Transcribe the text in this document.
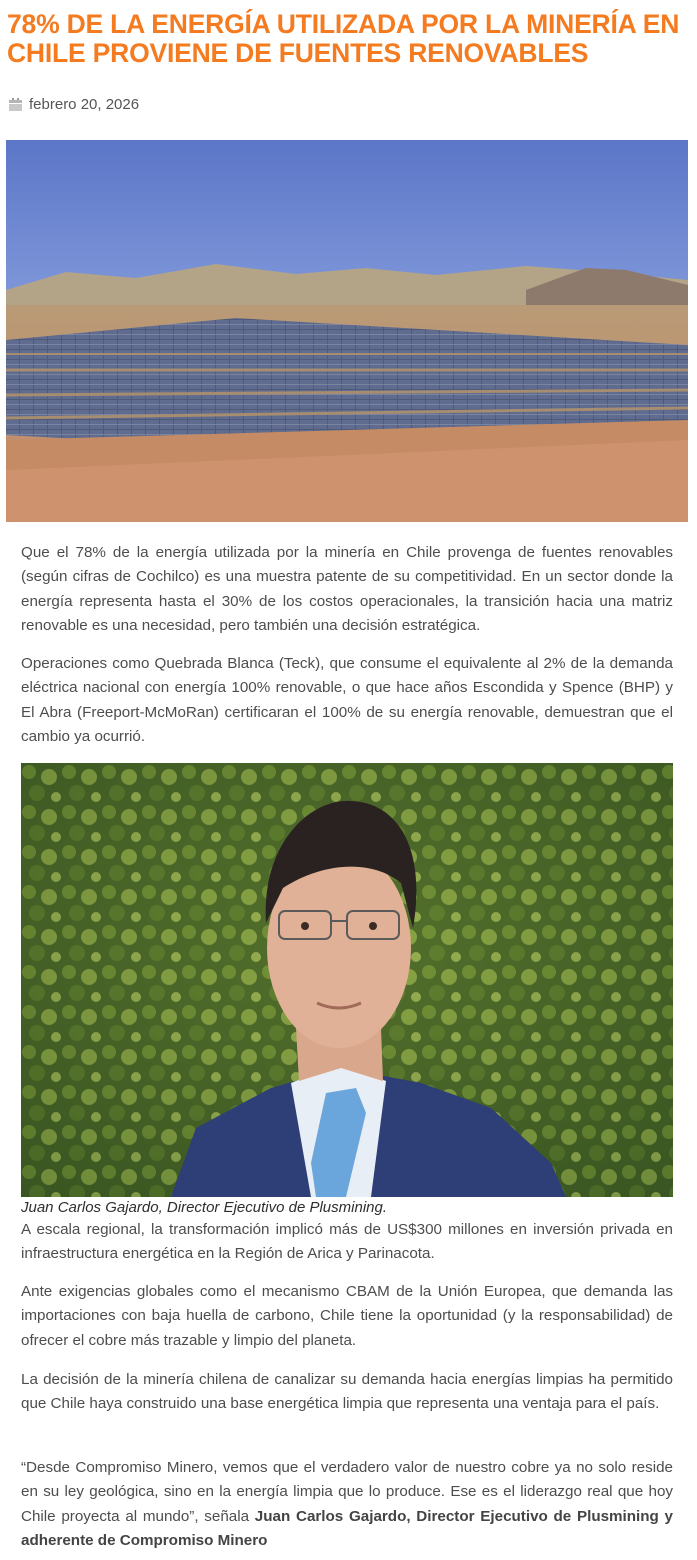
78% DE LA ENERGÍA UTILIZADA POR LA MINERÍA EN CHILE PROVIENE DE FUENTES RENOVABLES
febrero 20, 2026
Que el 78% de la energía utilizada por la minería en Chile provenga de fuentes renovables (según cifras de Cochilco) es una muestra patente de su competitividad. En un sector donde la energía representa hasta el 30% de los costos operacionales, la transición hacia una matriz renovable es una necesidad, pero también una decisión estratégica.
Operaciones como Quebrada Blanca (Teck), que consume el equivalente al 2% de la demanda eléctrica nacional con energía 100% renovable, o que hace años Escondida y Spence (BHP) y El Abra (Freeport-McMoRan) certificaran el 100% de su energía renovable, demuestran que el cambio ya ocurrió.
Juan Carlos Gajardo, Director Ejecutivo de Plusmining.
A escala regional, la transformación implicó más de US$300 millones en inversión privada en infraestructura energética en la Región de Arica y Parinacota.
Ante exigencias globales como el mecanismo CBAM de la Unión Europea, que demanda las importaciones con baja huella de carbono, Chile tiene la oportunidad (y la responsabilidad) de ofrecer el cobre más trazable y limpio del planeta.
La decisión de la minería chilena de canalizar su demanda hacia energías limpias ha permitido que Chile haya construido una base energética limpia que representa una ventaja para el país.
“Desde Compromiso Minero, vemos que el verdadero valor de nuestro cobre ya no solo reside en su ley geológica, sino en la energía limpia que lo produce. Ese es el liderazgo real que hoy Chile proyecta al mundo”, señala Juan Carlos Gajardo, Director Ejecutivo de Plusmining y adherente de Compromiso Minero
